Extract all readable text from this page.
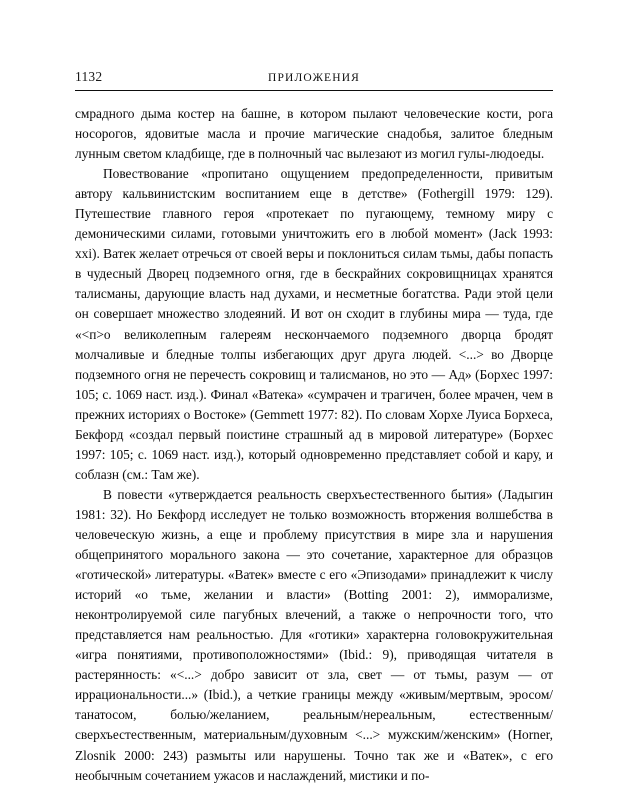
1132	ПРИЛОЖЕНИЯ

смрадного дыма костер на башне, в котором пылают человеческие кости, рога носорогов, ядовитые масла и прочие магические снадобья, залитое бледным лунным светом кладбище, где в полночный час вылезают из могил гулы-людоеды.

Повествование «пропитано ощущением предопределенности, привитым автору кальвинистским воспитанием еще в детстве» (Fothergill 1979: 129). Путешествие главного героя «протекает по пугающему, темному миру с демоническими силами, готовыми уничтожить его в любой момент» (Jack 1993: xxi). Ватек желает отречься от своей веры и поклониться силам тьмы, дабы попасть в чудесный Дворец подземного огня, где в бескрайних сокровищницах хранятся талисманы, дарующие власть над духами, и несметные богатства. Ради этой цели он совершает множество злодеяний. И вот он сходит в глубины мира — туда, где «<п>о великолепным галереям нескончаемого подземного дворца бродят молчаливые и бледные толпы избегающих друг друга людей. <...> во Дворце подземного огня не перечесть сокровищ и талисманов, но это — Ад» (Борхес 1997: 105; с. 1069 наст. изд.). Финал «Ватека» «сумрачен и трагичен, более мрачен, чем в прежних историях о Востоке» (Gemmett 1977: 82). По словам Хорхе Луиса Борхеса, Бекфорд «создал первый поистине страшный ад в мировой литературе» (Борхес 1997: 105; с. 1069 наст. изд.), который одновременно представляет собой и кару, и соблазн (см.: Там же).

В повести «утверждается реальность сверхъестественного бытия» (Ладыгин 1981: 32). Но Бекфорд исследует не только возможность вторжения волшебства в человеческую жизнь, а еще и проблему присутствия в мире зла и нарушения общепринятого морального закона — это сочетание, характерное для образцов «готической» литературы. «Ватек» вместе с его «Эпизодами» принадлежит к числу историй «о тьме, желании и власти» (Botting 2001: 2), имморализме, неконтролируемой силе пагубных влечений, а также о непрочности того, что представляется нам реальностью. Для «готики» характерна головокружительная «игра понятиями, противоположностями» (Ibid.: 9), приводящая читателя в растерянность: «<...> добро зависит от зла, свет — от тьмы, разум — от иррациональности...» (Ibid.), а четкие границы между «живым/мертвым, эросом/танатосом, болью/желанием, реальным/нереальным, естественным/сверхъестественным, материальным/духовным <...> мужским/женским» (Horner, Zlosnik 2000: 243) размыты или нарушены. Точно так же и «Ватек», с его необычным сочетанием ужасов и наслаждений, мистики и по-
